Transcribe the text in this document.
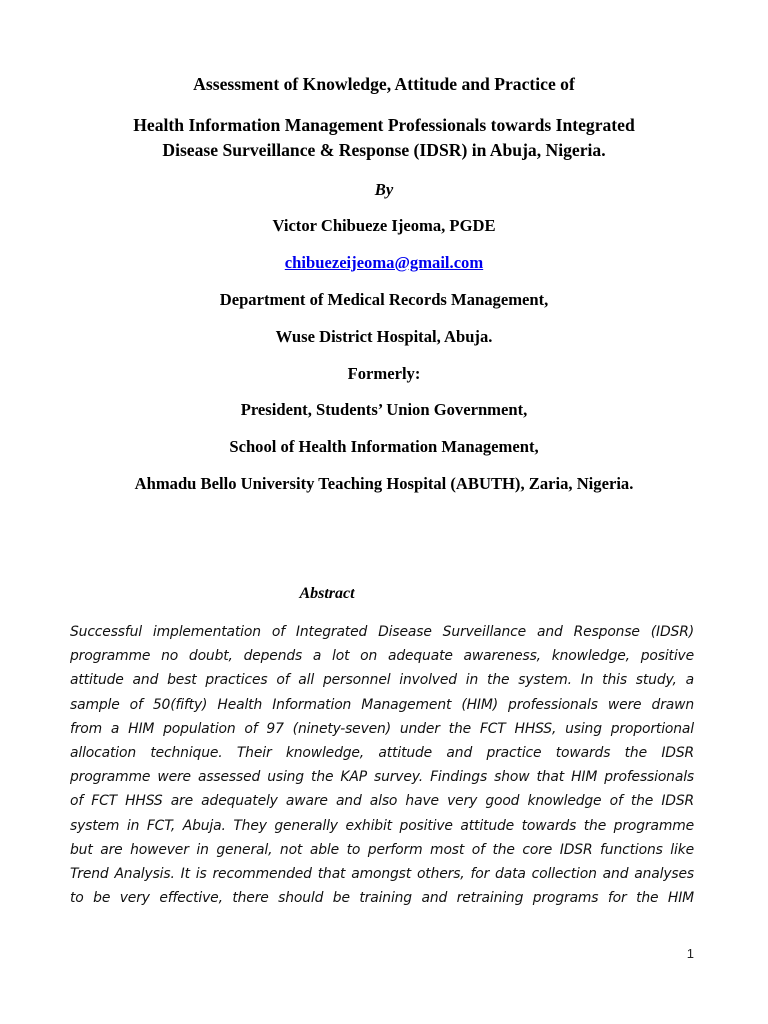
Assessment of Knowledge, Attitude and Practice of
Health Information Management Professionals towards Integrated
Disease Surveillance & Response (IDSR) in Abuja, Nigeria.
By
Victor Chibueze Ijeoma, PGDE
chibuezeijeoma@gmail.com
Department of Medical Records Management,
Wuse District Hospital, Abuja.
Formerly:
President, Students’ Union Government,
School of Health Information Management,
Ahmadu Bello University Teaching Hospital (ABUTH), Zaria, Nigeria.
Abstract
Successful implementation of Integrated Disease Surveillance and Response (IDSR)
programme no doubt, depends a lot on adequate awareness, knowledge, positive
attitude and best practices of all personnel involved in the system. In this study, a
sample of 50(fifty) Health Information Management (HIM) professionals were drawn
from a HIM population of 97 (ninety-seven) under the FCT HHSS, using proportional
allocation technique. Their knowledge, attitude and practice towards the IDSR
programme were assessed using the KAP survey. Findings show that HIM professionals
of FCT HHSS are adequately aware and also have very good knowledge of the IDSR
system in FCT, Abuja. They generally exhibit positive attitude towards the programme
but are however in general, not able to perform most of the core IDSR functions like
Trend Analysis. It is recommended that amongst others, for data collection and analyses
to be very effective, there should be training and retraining programs for the HIM
1
